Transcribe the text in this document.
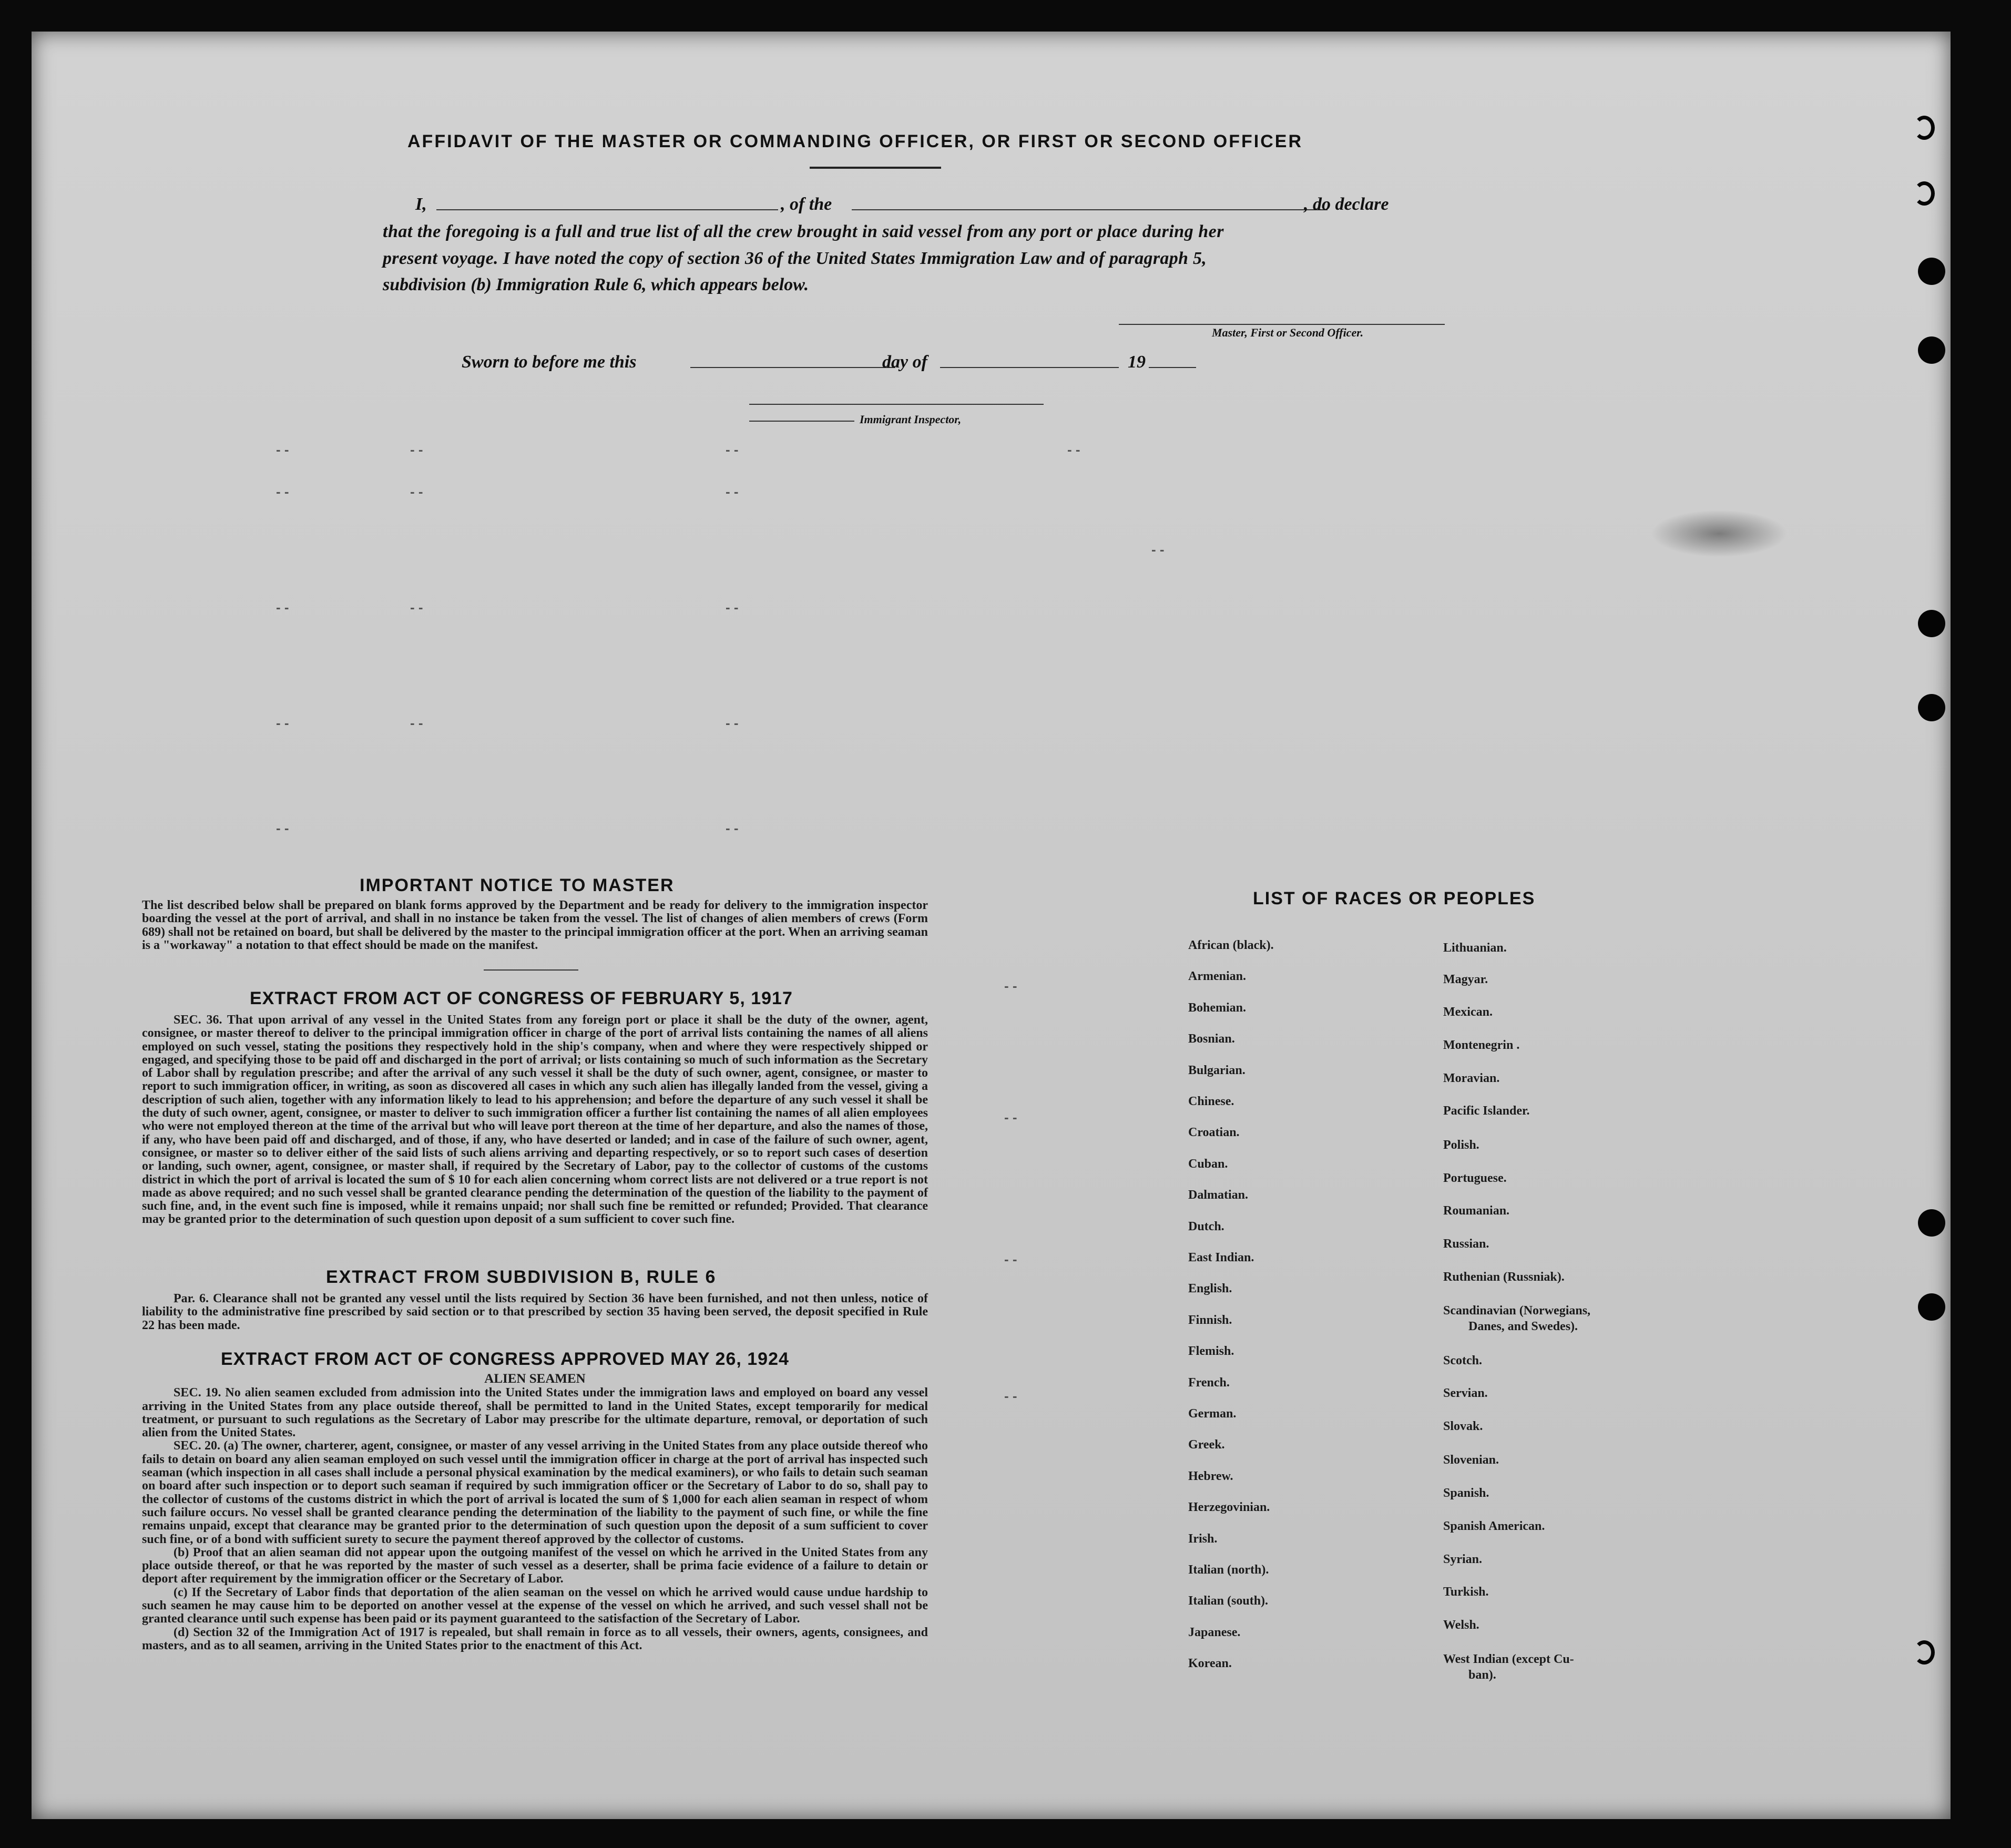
AFFIDAVIT OF THE MASTER OR COMMANDING OFFICER, OR FIRST OR SECOND OFFICER
I,	, of the	, do declare
that the foregoing is a full and true list of all the crew brought in said vessel from any port or place during her
present voyage. I have noted the copy of section 36 of the United States Immigration Law and of paragraph 5,
subdivision (b) Immigration Rule 6, which appears below.
Master, First or Second Officer.
Sworn to before me this	day of	19
Immigrant Inspector,
- -	- -	- -	- -
- -	- -	- -
- -
- -	- -	- -
- -	- -	- -
- -	- -
- -
- -
- -
- -
IMPORTANT NOTICE TO MASTER
The list described below shall be prepared on blank forms approved by the Department and be ready for delivery to the immigration inspector boarding the vessel at the port of arrival, and shall in no instance be taken from the vessel. The list of changes of alien members of crews (Form 689) shall not be retained on board, but shall be delivered by the master to the principal immigration officer at the port. When an arriving seaman is a "workaway" a notation to that effect should be made on the manifest.
EXTRACT FROM ACT OF CONGRESS OF FEBRUARY 5, 1917
SEC. 36. That upon arrival of any vessel in the United States from any foreign port or place it shall be the duty of the owner, agent, consignee, or master thereof to deliver to the principal immigration officer in charge of the port of arrival lists containing the names of all aliens employed on such vessel, stating the positions they respectively hold in the ship's company, when and where they were respectively shipped or engaged, and specifying those to be paid off and discharged in the port of arrival; or lists containing so much of such information as the Secretary of Labor shall by regulation prescribe; and after the arrival of any such vessel it shall be the duty of such owner, agent, consignee, or master to report to such immigration officer, in writing, as soon as discovered all cases in which any such alien has illegally landed from the vessel, giving a description of such alien, together with any information likely to lead to his apprehension; and before the departure of any such vessel it shall be the duty of such owner, agent, consignee, or master to deliver to such immigration officer a further list containing the names of all alien employees who were not employed thereon at the time of the arrival but who will leave port thereon at the time of her departure, and also the names of those, if any, who have been paid off and discharged, and of those, if any, who have deserted or landed; and in case of the failure of such owner, agent, consignee, or master so to deliver either of the said lists of such aliens arriving and departing respectively, or so to report such cases of desertion or landing, such owner, agent, consignee, or master shall, if required by the Secretary of Labor, pay to the collector of customs of the customs district in which the port of arrival is located the sum of $ 10 for each alien concerning whom correct lists are not delivered or a true report is not made as above required; and no such vessel shall be granted clearance pending the determination of the question of the liability to the payment of such fine, and, in the event such fine is imposed, while it remains unpaid; nor shall such fine be remitted or refunded; Provided. That clearance may be granted prior to the determination of such question upon deposit of a sum sufficient to cover such fine.
EXTRACT FROM SUBDIVISION B, RULE 6
Par. 6. Clearance shall not be granted any vessel until the lists required by Section 36 have been furnished, and not then unless, notice of liability to the administrative fine prescribed by said section or to that prescribed by section 35 having been served, the deposit specified in Rule 22 has been made.
EXTRACT FROM ACT OF CONGRESS APPROVED MAY 26, 1924
ALIEN SEAMEN

SEC. 19. No alien seamen excluded from admission into the United States under the immigration laws and employed on board any vessel arriving in the United States from any place outside thereof, shall be permitted to land in the United States, except temporarily for medical treatment, or pursuant to such regulations as the Secretary of Labor may prescribe for the ultimate departure, removal, or deportation of such alien from the United States.

SEC. 20. (a) The owner, charterer, agent, consignee, or master of any vessel arriving in the United States from any place outside thereof who fails to detain on board any alien seaman employed on such vessel until the immigration officer in charge at the port of arrival has inspected such seaman (which inspection in all cases shall include a personal physical examination by the medical examiners), or who fails to detain such seaman on board after such inspection or to deport such seaman if required by such immigration officer or the Secretary of Labor to do so, shall pay to the collector of customs of the customs district in which the port of arrival is located the sum of $ 1,000 for each alien seaman in respect of whom such failure occurs. No vessel shall be granted clearance pending the determination of the liability to the payment of such fine, or while the fine remains unpaid, except that clearance may be granted prior to the determination of such question upon the deposit of a sum sufficient to cover such fine, or of a bond with sufficient surety to secure the payment thereof approved by the collector of customs.

(b) Proof that an alien seaman did not appear upon the outgoing manifest of the vessel on which he arrived in the United States from any place outside thereof, or that he was reported by the master of such vessel as a deserter, shall be prima facie evidence of a failure to detain or deport after requirement by the immigration officer or the Secretary of Labor.

(c) If the Secretary of Labor finds that deportation of the alien seaman on the vessel on which he arrived would cause undue hardship to such seamen he may cause him to be deported on another vessel at the expense of the vessel on which he arrived, and such vessel shall not be granted clearance until such expense has been paid or its payment guaranteed to the satisfaction of the Secretary of Labor.

(d) Section 32 of the Immigration Act of 1917 is repealed, but shall remain in force as to all vessels, their owners, agents, consignees, and masters, and as to all seamen, arriving in the United States prior to the enactment of this Act.

LIST OF RACES OR PEOPLES
African (black).
Armenian.
Bohemian.
Bosnian.
Bulgarian.
Chinese.
Croatian.
Cuban.
Dalmatian.
Dutch.
East Indian.
English.
Finnish.
Flemish.
French.
German.
Greek.
Hebrew.
Herzegovinian.
Irish.
Italian (north).
Italian (south).
Japanese.
Korean.
Lithuanian.
Magyar.
Mexican.
Montenegrin .
Moravian.
Pacific Islander.
Polish.
Portuguese.
Roumanian.
Russian.
Ruthenian (Russniak).
Scandinavian (Norwegians,
Danes, and Swedes).
Scotch.
Servian.
Slovak.
Slovenian.
Spanish.
Spanish American.
Syrian.
Turkish.
Welsh.
West Indian (except Cu-
ban).
